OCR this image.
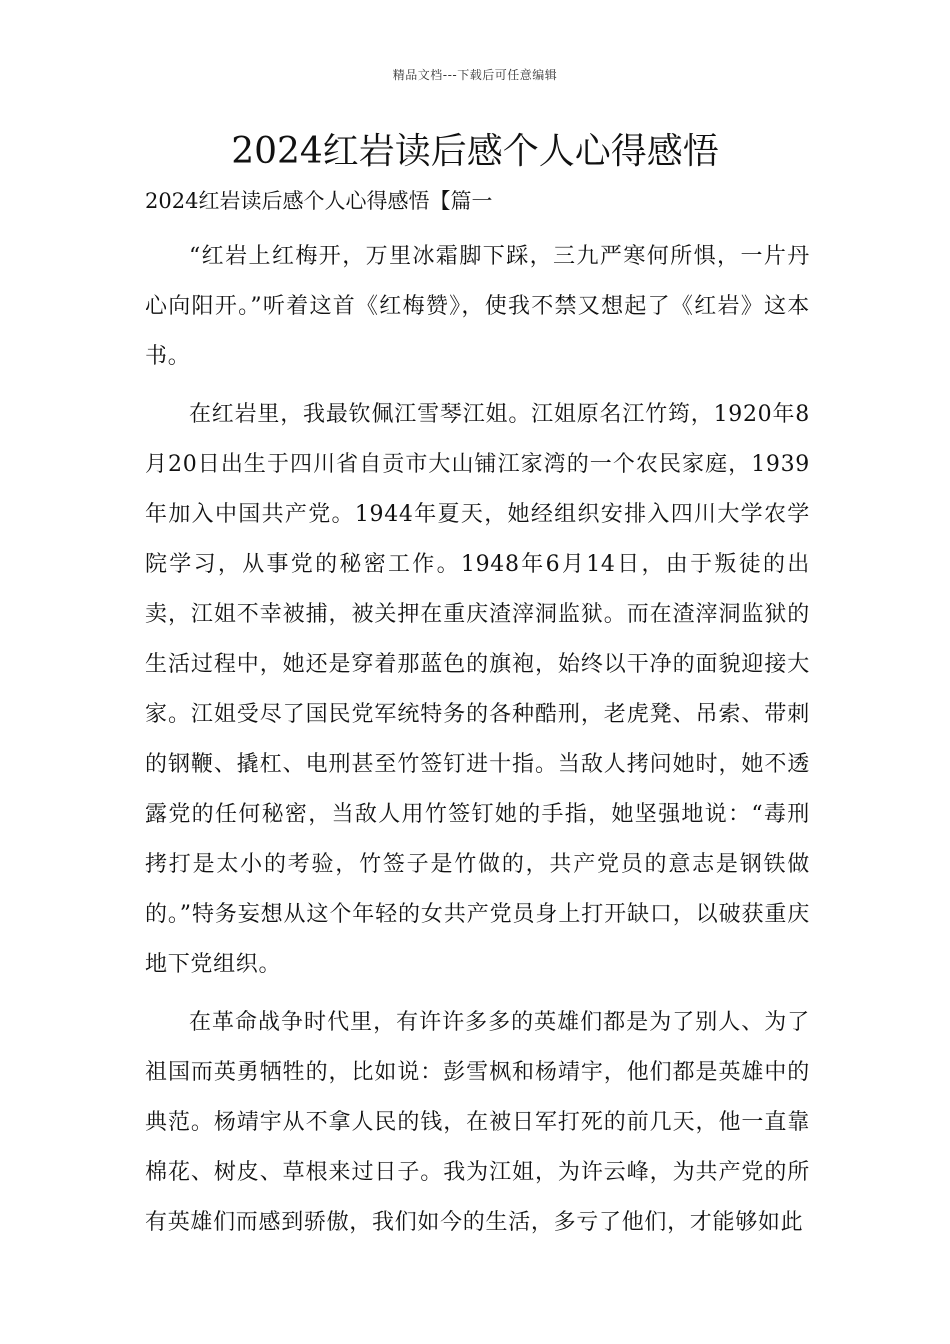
精品文档---下载后可任意编辑
2024红岩读后感个人心得感悟

2024红岩读后感个人心得感悟【篇一

“红岩上红梅开，万里冰霜脚下踩，三九严寒何所惧，一片丹心向阳开。”听着这首《红梅赞》，使我不禁又想起了《红岩》这本书。

在红岩里，我最钦佩江雪琴江姐。江姐原名江竹筠，1920年8月20日出生于四川省自贡市大山铺江家湾的一个农民家庭，1939年加入中国共产党。1944年夏天，她经组织安排入四川大学农学院学习，从事党的秘密工作。1948年6月14日，由于叛徒的出卖，江姐不幸被捕，被关押在重庆渣滓洞监狱。而在渣滓洞监狱的生活过程中，她还是穿着那蓝色的旗袍，始终以干净的面貌迎接大家。江姐受尽了国民党军统特务的各种酷刑，老虎凳、吊索、带刺的钢鞭、撬杠、电刑甚至竹签钉进十指。当敌人拷问她时，她不透露党的任何秘密，当敌人用竹签钉她的手指，她坚强地说：“毒刑拷打是太小的考验，竹签子是竹做的，共产党员的意志是钢铁做的。”特务妄想从这个年轻的女共产党员身上打开缺口，以破获重庆地下党组织。

在革命战争时代里，有许许多多的英雄们都是为了别人、为了祖国而英勇牺牲的，比如说：彭雪枫和杨靖宇，他们都是英雄中的典范。杨靖宇从不拿人民的钱，在被日军打死的前几天，他一直靠棉花、树皮、草根来过日子。我为江姐，为许云峰，为共产党的所有英雄们而感到骄傲，我们如今的生活，多亏了他们，才能够如此
